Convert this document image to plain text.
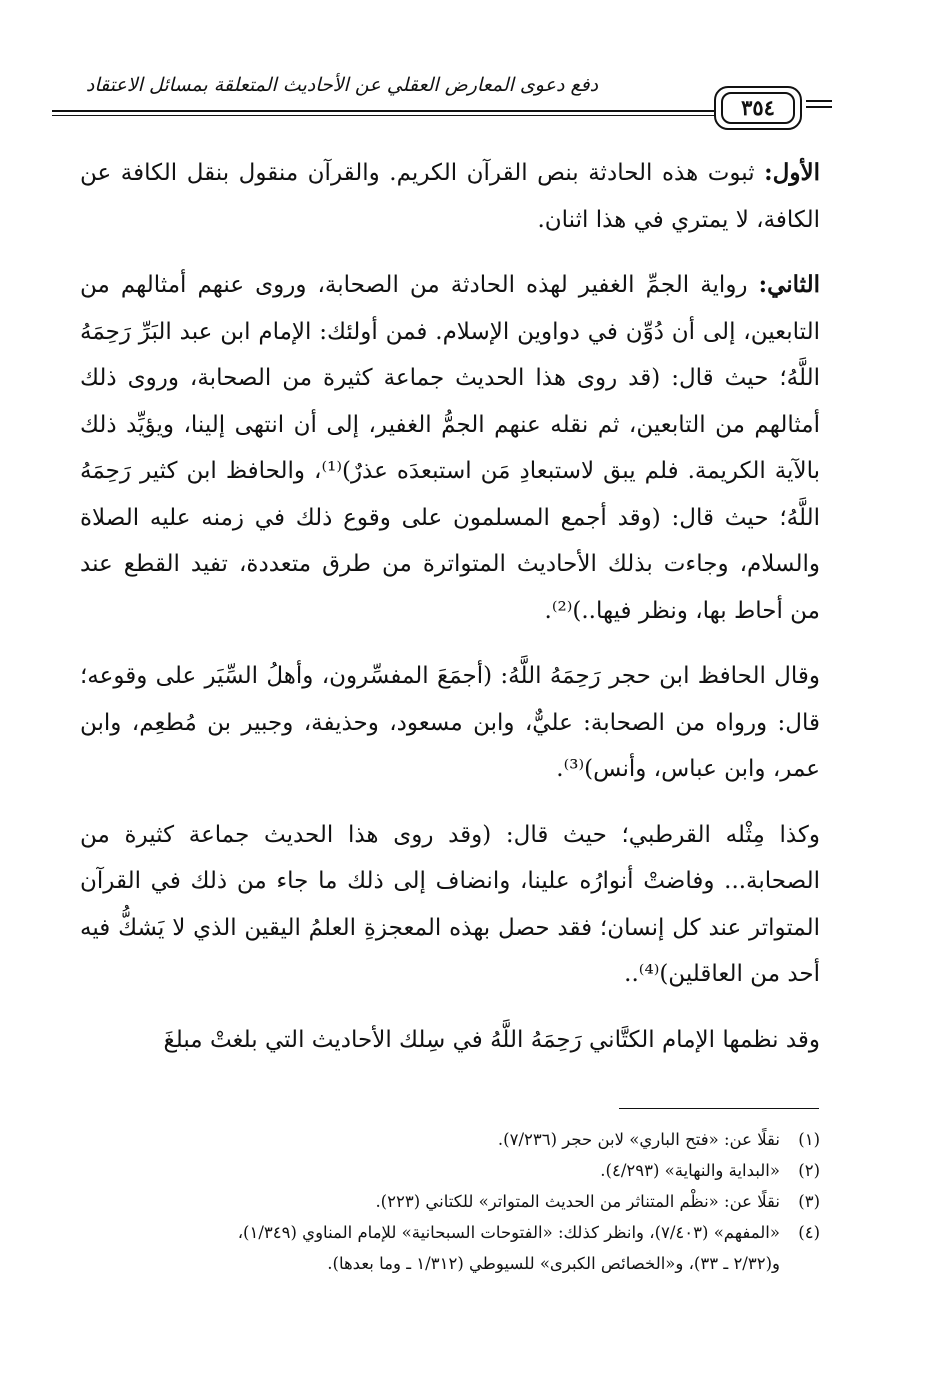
دفع دعوى المعارض العقلي عن الأحاديث المتعلقة بمسائل الاعتقاد
٣٥٤

الأول: ثبوت هذه الحادثة بنص القرآن الكريم. والقرآن منقول بنقل الكافة عن الكافة، لا يمتري في هذا اثنان.

الثاني: رواية الجمِّ الغفير لهذه الحادثة من الصحابة، وروى عنهم أمثالهم من التابعين، إلى أن دُوِّن في دواوين الإسلام. فمن أولئك: الإمام ابن عبد البَرِّ رَحِمَهُ اللَّهُ؛ حيث قال: (قد روى هذا الحديث جماعة كثيرة من الصحابة، وروى ذلك أمثالهم من التابعين، ثم نقله عنهم الجمُّ الغفير، إلى أن انتهى إلينا، ويؤيِّد ذلك بالآية الكريمة. فلم يبق لاستبعادِ مَن استبعدَه عذرٌ)⁽¹⁾، والحافظ ابن كثير رَحِمَهُ اللَّهُ؛ حيث قال: (وقد أجمع المسلمون على وقوع ذلك في زمنه عليه الصلاة والسلام، وجاءت بذلك الأحاديث المتواترة من طرق متعددة، تفيد القطع عند من أحاط بها، ونظر فيها..)⁽²⁾.

وقال الحافظ ابن حجر رَحِمَهُ اللَّهُ: (أجمَعَ المفسِّرون، وأهلُ السِّيَر على وقوعه؛ قال: ورواه من الصحابة: عليٌّ، وابن مسعود، وحذيفة، وجبير بن مُطعِم، وابن عمر، وابن عباس، وأنس)⁽³⁾.

وكذا مِثْله القرطبي؛ حيث قال: (وقد روى هذا الحديث جماعة كثيرة من الصحابة... وفاضتْ أنوارُه علينا، وانضاف إلى ذلك ما جاء من ذلك في القرآن المتواتر عند كل إنسان؛ فقد حصل بهذه المعجزةِ العلمُ اليقين الذي لا يَشكُّ فيه أحد من العاقلين)⁽⁴⁾..

وقد نظمها الإمام الكتَّاني رَحِمَهُ اللَّهُ في سِلك الأحاديث التي بلغتْ مبلغَ

(١)نقلًا عن: «فتح الباري» لابن حجر (٧/٢٣٦).

(٢)«البداية والنهاية» (٤/٢٩٣).

(٣)نقلًا عن: «نظْم المتناثر من الحديث المتواتر» للكتاني (٢٢٣).

(٤)«المفهم» (٧/٤٠٣)، وانظر كذلك: «الفتوحات السبحانية» للإمام المناوي (١/٣٤٩)،

و(٢/٣٢ ـ ٣٣)، و«الخصائص الكبرى» للسيوطي (١/٣١٢ ـ وما بعدها).
